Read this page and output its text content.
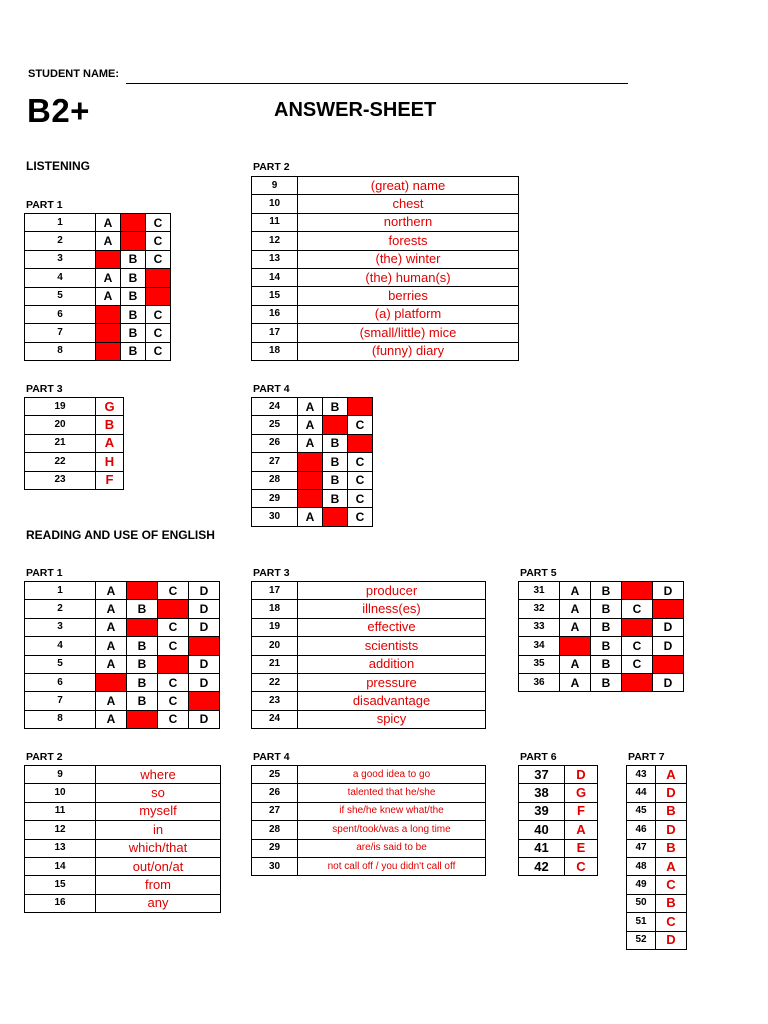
STUDENT NAME:
B2+	ANSWER-SHEET
LISTENING
READING AND USE OF ENGLISH
PART 1
PART 2
PART 3	PART 4
PART 1	PART 3	PART 5
PART 2	PART 4	PART 6	PART 7
1	A	B	C
2	A	B	C
3	A	B	C
4	A	B	C
5	A	B	C
6	A	B	C
7	A	B	C
8	A	B	C
9	(great) name
10	chest
11	northern
12	forests
13	(the) winter
14	(the) human(s)
15	berries
16	(a) platform
17	(small/little) mice
18	(funny) diary
19	G
20	B
21	A
22	H
23	F
24	A	B	C
25	A	B	C
26	A	B	C
27	A	B	C
28	A	B	C
29	A	B	C
30	A	B	C
1	A	B	C	D
2	A	B	C	D
3	A	B	C	D
4	A	B	C	D
5	A	B	C	D
6	A	B	C	D
7	A	B	C	D
8	A	B	C	D
17	producer
18	illness(es)
19	effective
20	scientists
21	addition
22	pressure
23	disadvantage
24	spicy
31	A	B	C	D
32	A	B	C	D
33	A	B	C	D
34	A	B	C	D
35	A	B	C	D
36	A	B	C	D
9	where
10	so
11	myself
12	in
13	which/that
14	out/on/at
15	from
16	any
25	a good idea to go
26	talented that he/she
27	if she/he knew what/the
28	spent/took/was a long time
29	are/is said to be
30	not call off / you didn't call off
37	D
38	G
39	F
40	A
41	E
42	C
43	A
44	D
45	B
46	D
47	B
48	A
49	C
50	B
51	C
52	D
